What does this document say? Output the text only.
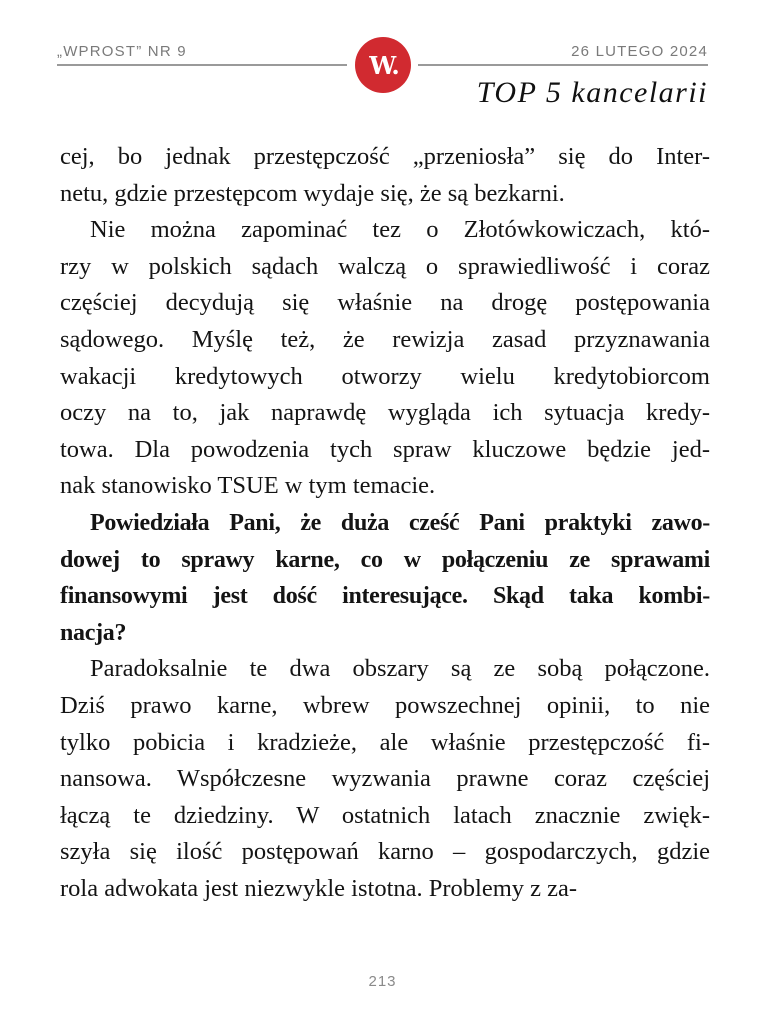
„WPROST” NR 9	26 LUTEGO 2024
W.
TOP 5 kancelarii

cej, bo jednak przestępczość „przeniosła” się do Inter-
netu, gdzie przestępcom wydaje się, że są bezkarni.

Nie można zapominać tez o Złotówkowiczach, któ-
rzy w polskich sądach walczą o sprawiedliwość i coraz
częściej decydują się właśnie na drogę postępowania
sądowego. Myślę też, że rewizja zasad przyznawania
wakacji kredytowych otworzy wielu kredytobiorcom
oczy na to, jak naprawdę wygląda ich sytuacja kredy-
towa. Dla powodzenia tych spraw kluczowe będzie jed-
nak stanowisko TSUE w tym temacie.

Powiedziała Pani, że duża cześć Pani praktyki zawo-
dowej to sprawy karne, co w połączeniu ze sprawami
finansowymi jest dość interesujące. Skąd taka kombi-
nacja?

Paradoksalnie te dwa obszary są ze sobą połączone.
Dziś prawo karne, wbrew powszechnej opinii, to nie
tylko pobicia i kradzieże, ale właśnie przestępczość fi-
nansowa. Współczesne wyzwania prawne coraz częściej
łączą te dziedziny. W ostatnich latach znacznie zwięk-
szyła się ilość postępowań karno – gospodarczych, gdzie
rola adwokata jest niezwykle istotna. Problemy z za-

213
